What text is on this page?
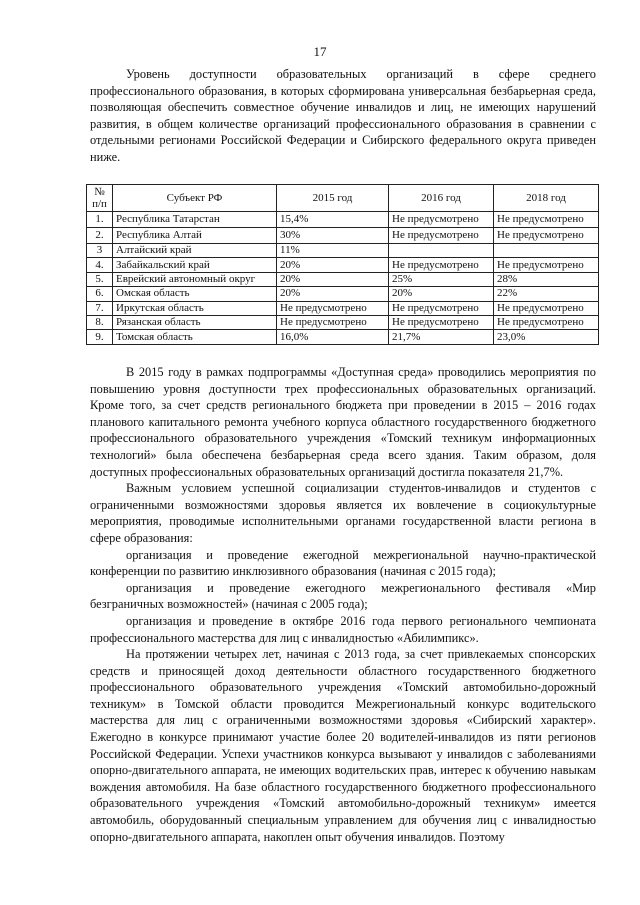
17

Уровень доступности образовательных организаций в сфере среднего профессионального образования, в которых сформирована универсальная безбарьерная среда, позволяющая обеспечить совместное обучение инвалидов и лиц, не имеющих нарушений развития, в общем количестве организаций профессионального образования в сравнении с отдельными регионами Российской Федерации и Сибирского федерального округа приведен ниже.

№ п/п	Субъект РФ	2015 год	2016 год	2018 год
1.	Республика Татарстан	15,4%	Не предусмотрено	Не предусмотрено
2.	Республика Алтай	30%	Не предусмотрено	Не предусмотрено
3	Алтайский край	11%		
4.	Забайкальский край	20%	Не предусмотрено	Не предусмотрено
5.	Еврейский автономный округ	20%	25%	28%
6.	Омская область	20%	20%	22%
7.	Иркутская область	Не предусмотрено	Не предусмотрено	Не предусмотрено
8.	Рязанская область	Не предусмотрено	Не предусмотрено	Не предусмотрено
9.	Томская область	16,0%	21,7%	23,0%

В 2015 году в рамках подпрограммы «Доступная среда» проводились мероприятия по повышению уровня доступности трех профессиональных образовательных организаций. Кроме того, за счет средств регионального бюджета при проведении в 2015 – 2016 годах планового капитального ремонта учебного корпуса областного государственного бюджетного профессионального образовательного учреждения «Томский техникум информационных технологий» была обеспечена безбарьерная среда всего здания. Таким образом, доля доступных профессиональных образовательных организаций достигла показателя 21,7%.

Важным условием успешной социализации студентов-инвалидов и студентов с ограниченными возможностями здоровья является их вовлечение в социокультурные мероприятия, проводимые исполнительными органами государственной власти региона в сфере образования:

организация и проведение ежегодной межрегиональной научно-практической конференции по развитию инклюзивного образования (начиная с 2015 года);

организация и проведение ежегодного межрегионального фестиваля «Мир безграничных возможностей» (начиная с 2005 года);

организация и проведение в октябре 2016 года первого регионального чемпионата профессионального мастерства для лиц с инвалидностью «Абилимпикс».

На протяжении четырех лет, начиная с 2013 года, за счет привлекаемых спонсорских средств и приносящей доход деятельности областного государственного бюджетного профессионального образовательного учреждения «Томский автомобильно-дорожный техникум» в Томской области проводится Межрегиональный конкурс водительского мастерства для лиц с ограниченными возможностями здоровья «Сибирский характер». Ежегодно в конкурсе принимают участие более 20 водителей-инвалидов из пяти регионов Российской Федерации. Успехи участников конкурса вызывают у инвалидов с заболеваниями опорно-двигательного аппарата, не имеющих водительских прав, интерес к обучению навыкам вождения автомобиля. На базе областного государственного бюджетного профессионального образовательного учреждения «Томский автомобильно-дорожный техникум» имеется автомобиль, оборудованный специальным управлением для обучения лиц с инвалидностью опорно-двигательного аппарата, накоплен опыт обучения инвалидов. Поэтому
